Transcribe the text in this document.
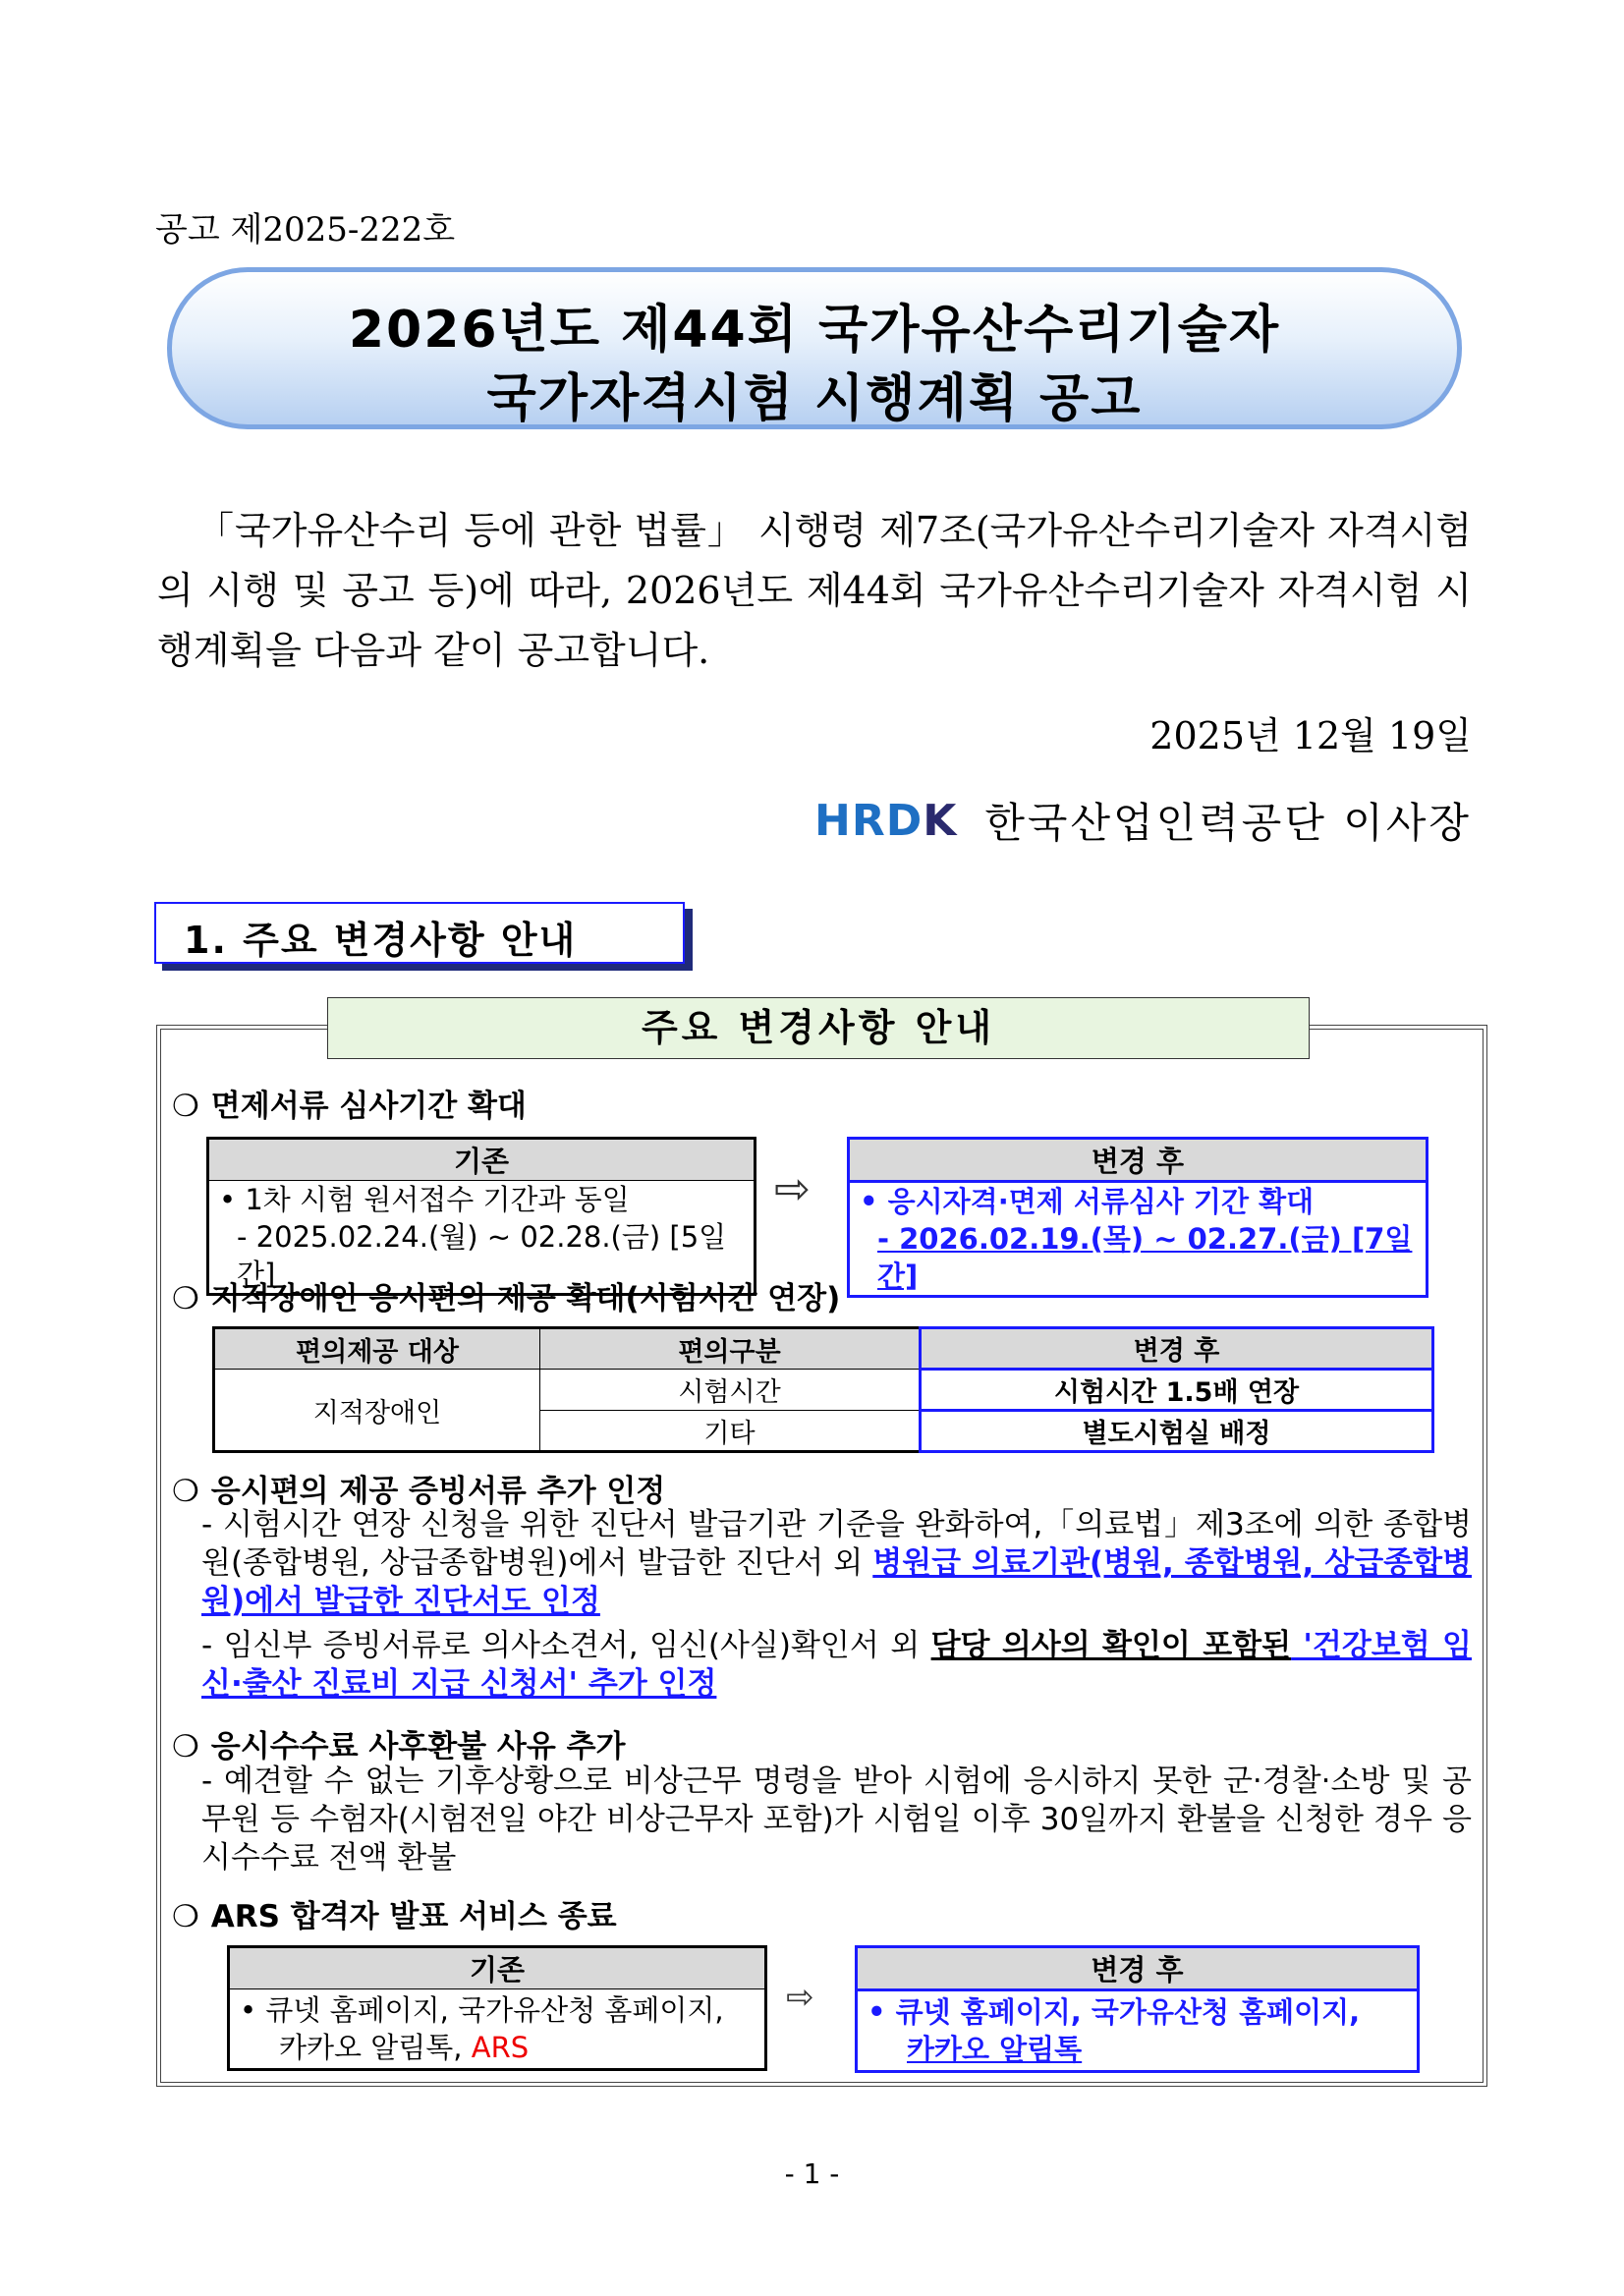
공고 제2025-222호
2026년도 제44회 국가유산수리기술자
국가자격시험 시행계획 공고
「국가유산수리 등에 관한 법률」 시행령 제7조(국가유산수리기술자 자격시험의 시행 및 공고 등)에 따라, 2026년도 제44회 국가유산수리기술자 자격시험 시행계획을 다음과 같이 공고합니다.
2025년 12월 19일
HRDK 한국산업인력공단 이사장
1. 주요 변경사항 안내
주요 변경사항 안내
❍ 면제서류 심사기간 확대
기존

• 1차 시험 원서접수 기간과 동일
- 2025.02.24.(월) ~ 02.28.(금) [5일간]
⇨
변경 후

• 응시자격·면제 서류심사 기간 확대
- 2026.02.19.(목) ~ 02.27.(금) [7일간]
❍ 지적장애인 응시편의 제공 확대(시험시간 연장)
편의제공 대상	편의구분	변경 후
지적장애인	시험시간	시험시간 1.5배 연장
	기타	별도시험실 배정
❍ 응시편의 제공 증빙서류 추가 인정
- 시험시간 연장 신청을 위한 진단서 발급기관 기준을 완화하여,「의료법」제3조에 의한 종합병원(종합병원, 상급종합병원)에서 발급한 진단서 외 병원급 의료기관(병원, 종합병원, 상급종합병원)에서 발급한 진단서도 인정
- 임신부 증빙서류로 의사소견서, 임신(사실)확인서 외 담당 의사의 확인이 포함된 '건강보험 임신·출산 진료비 지급 신청서' 추가 인정
❍ 응시수수료 사후환불 사유 추가
- 예견할 수 없는 기후상황으로 비상근무 명령을 받아 시험에 응시하지 못한 군·경찰·소방 및 공무원 등 수험자(시험전일 야간 비상근무자 포함)가 시험일 이후 30일까지 환불을 신청한 경우 응시수수료 전액 환불
❍ ARS 합격자 발표 서비스 종료
기존

• 큐넷 홈페이지, 국가유산청 홈페이지,
카카오 알림톡, ARS
⇨
변경 후

• 큐넷 홈페이지, 국가유산청 홈페이지,
카카오 알림톡
- 1 -
